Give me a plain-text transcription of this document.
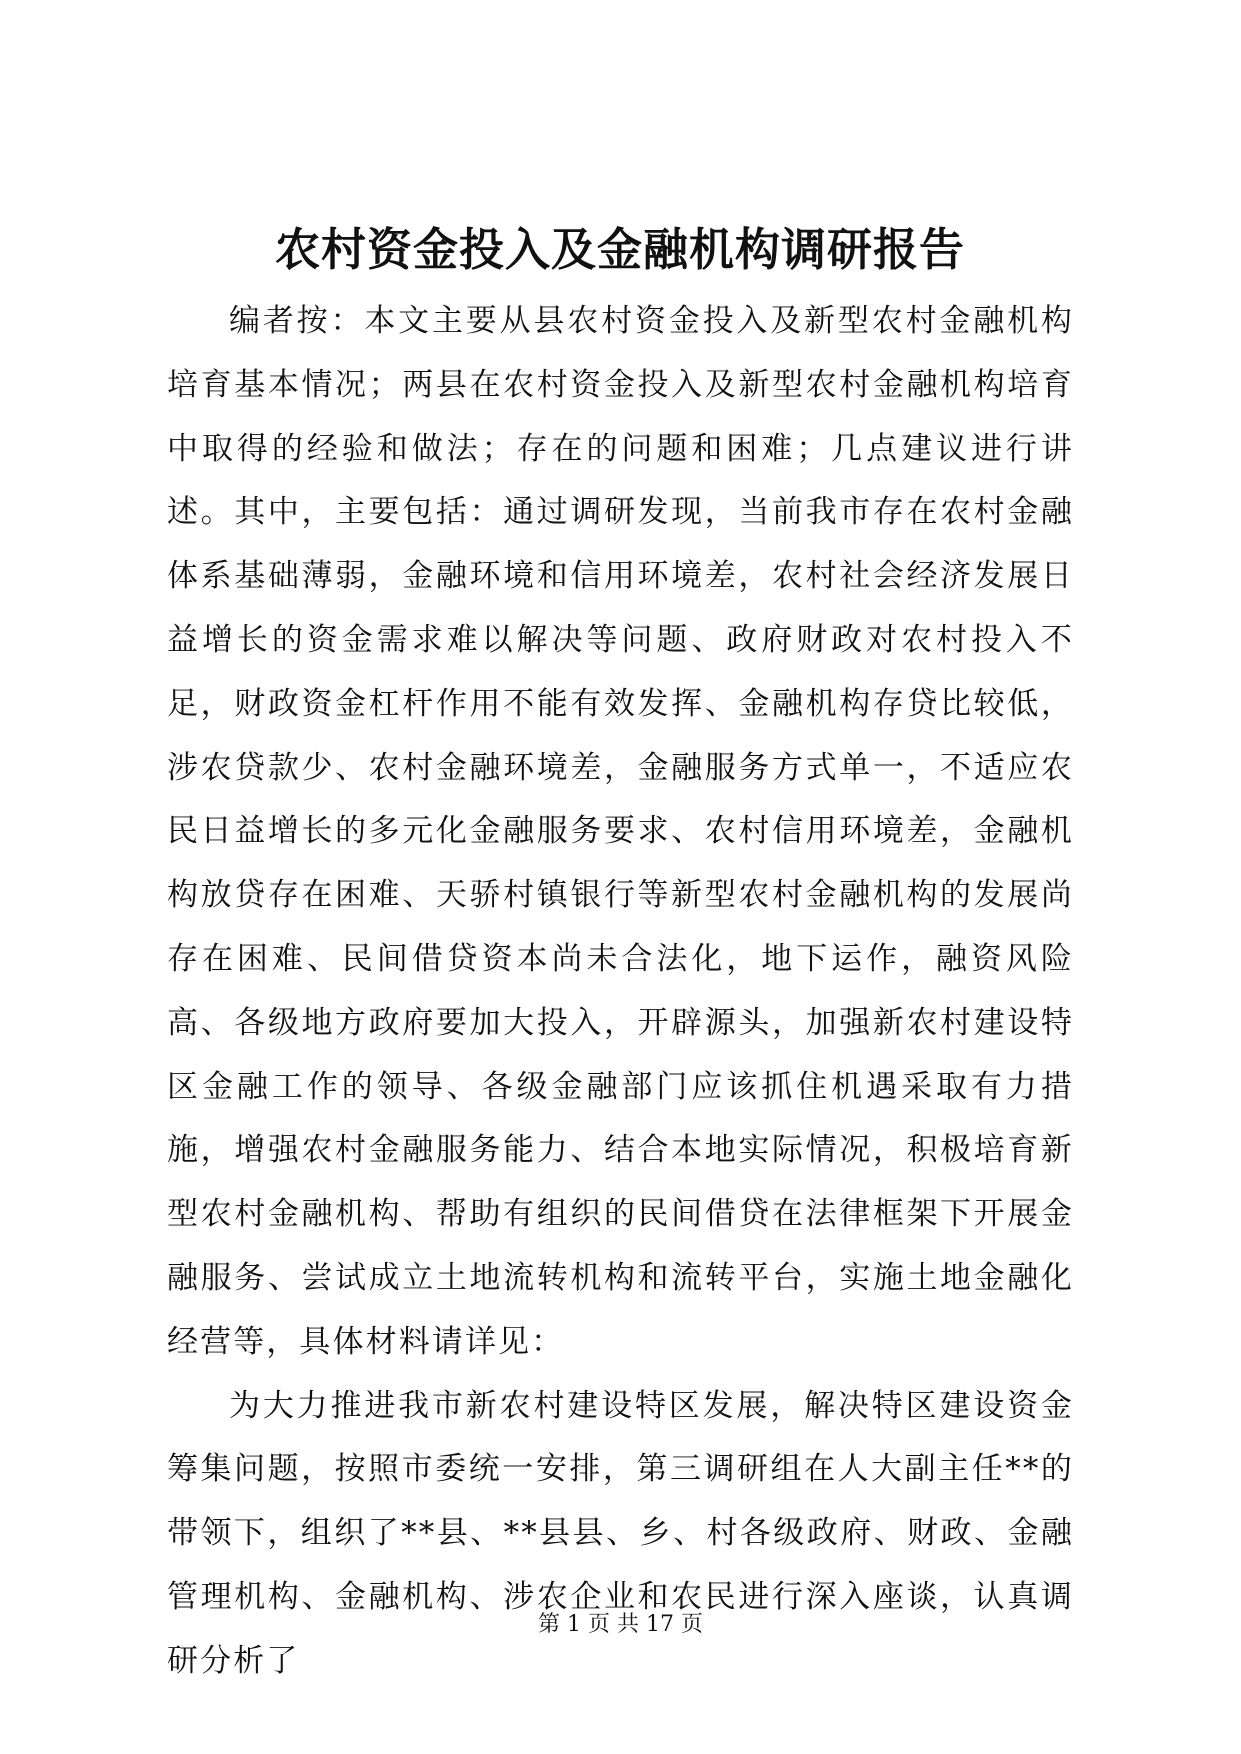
农村资金投入及金融机构调研报告

编者按：本文主要从县农村资金投入及新型农村金融机构培育基本情况；两县在农村资金投入及新型农村金融机构培育中取得的经验和做法；存在的问题和困难；几点建议进行讲述。其中，主要包括：通过调研发现，当前我市存在农村金融体系基础薄弱，金融环境和信用环境差，农村社会经济发展日益增长的资金需求难以解决等问题、政府财政对农村投入不足，财政资金杠杆作用不能有效发挥、金融机构存贷比较低，涉农贷款少、农村金融环境差，金融服务方式单一，不适应农民日益增长的多元化金融服务要求、农村信用环境差，金融机构放贷存在困难、天骄村镇银行等新型农村金融机构的发展尚存在困难、民间借贷资本尚未合法化，地下运作，融资风险高、各级地方政府要加大投入，开辟源头，加强新农村建设特区金融工作的领导、各级金融部门应该抓住机遇采取有力措施，增强农村金融服务能力、结合本地实际情况，积极培育新型农村金融机构、帮助有组织的民间借贷在法律框架下开展金融服务、尝试成立土地流转机构和流转平台，实施土地金融化经营等，具体材料请详见：

为大力推进我市新农村建设特区发展，解决特区建设资金筹集问题，按照市委统一安排，第三调研组在人大副主任**的带领下，组织了**县、**县县、乡、村各级政府、财政、金融管理机构、金融机构、涉农企业和农民进行深入座谈，认真调研分析了

第 1 页 共 17 页
